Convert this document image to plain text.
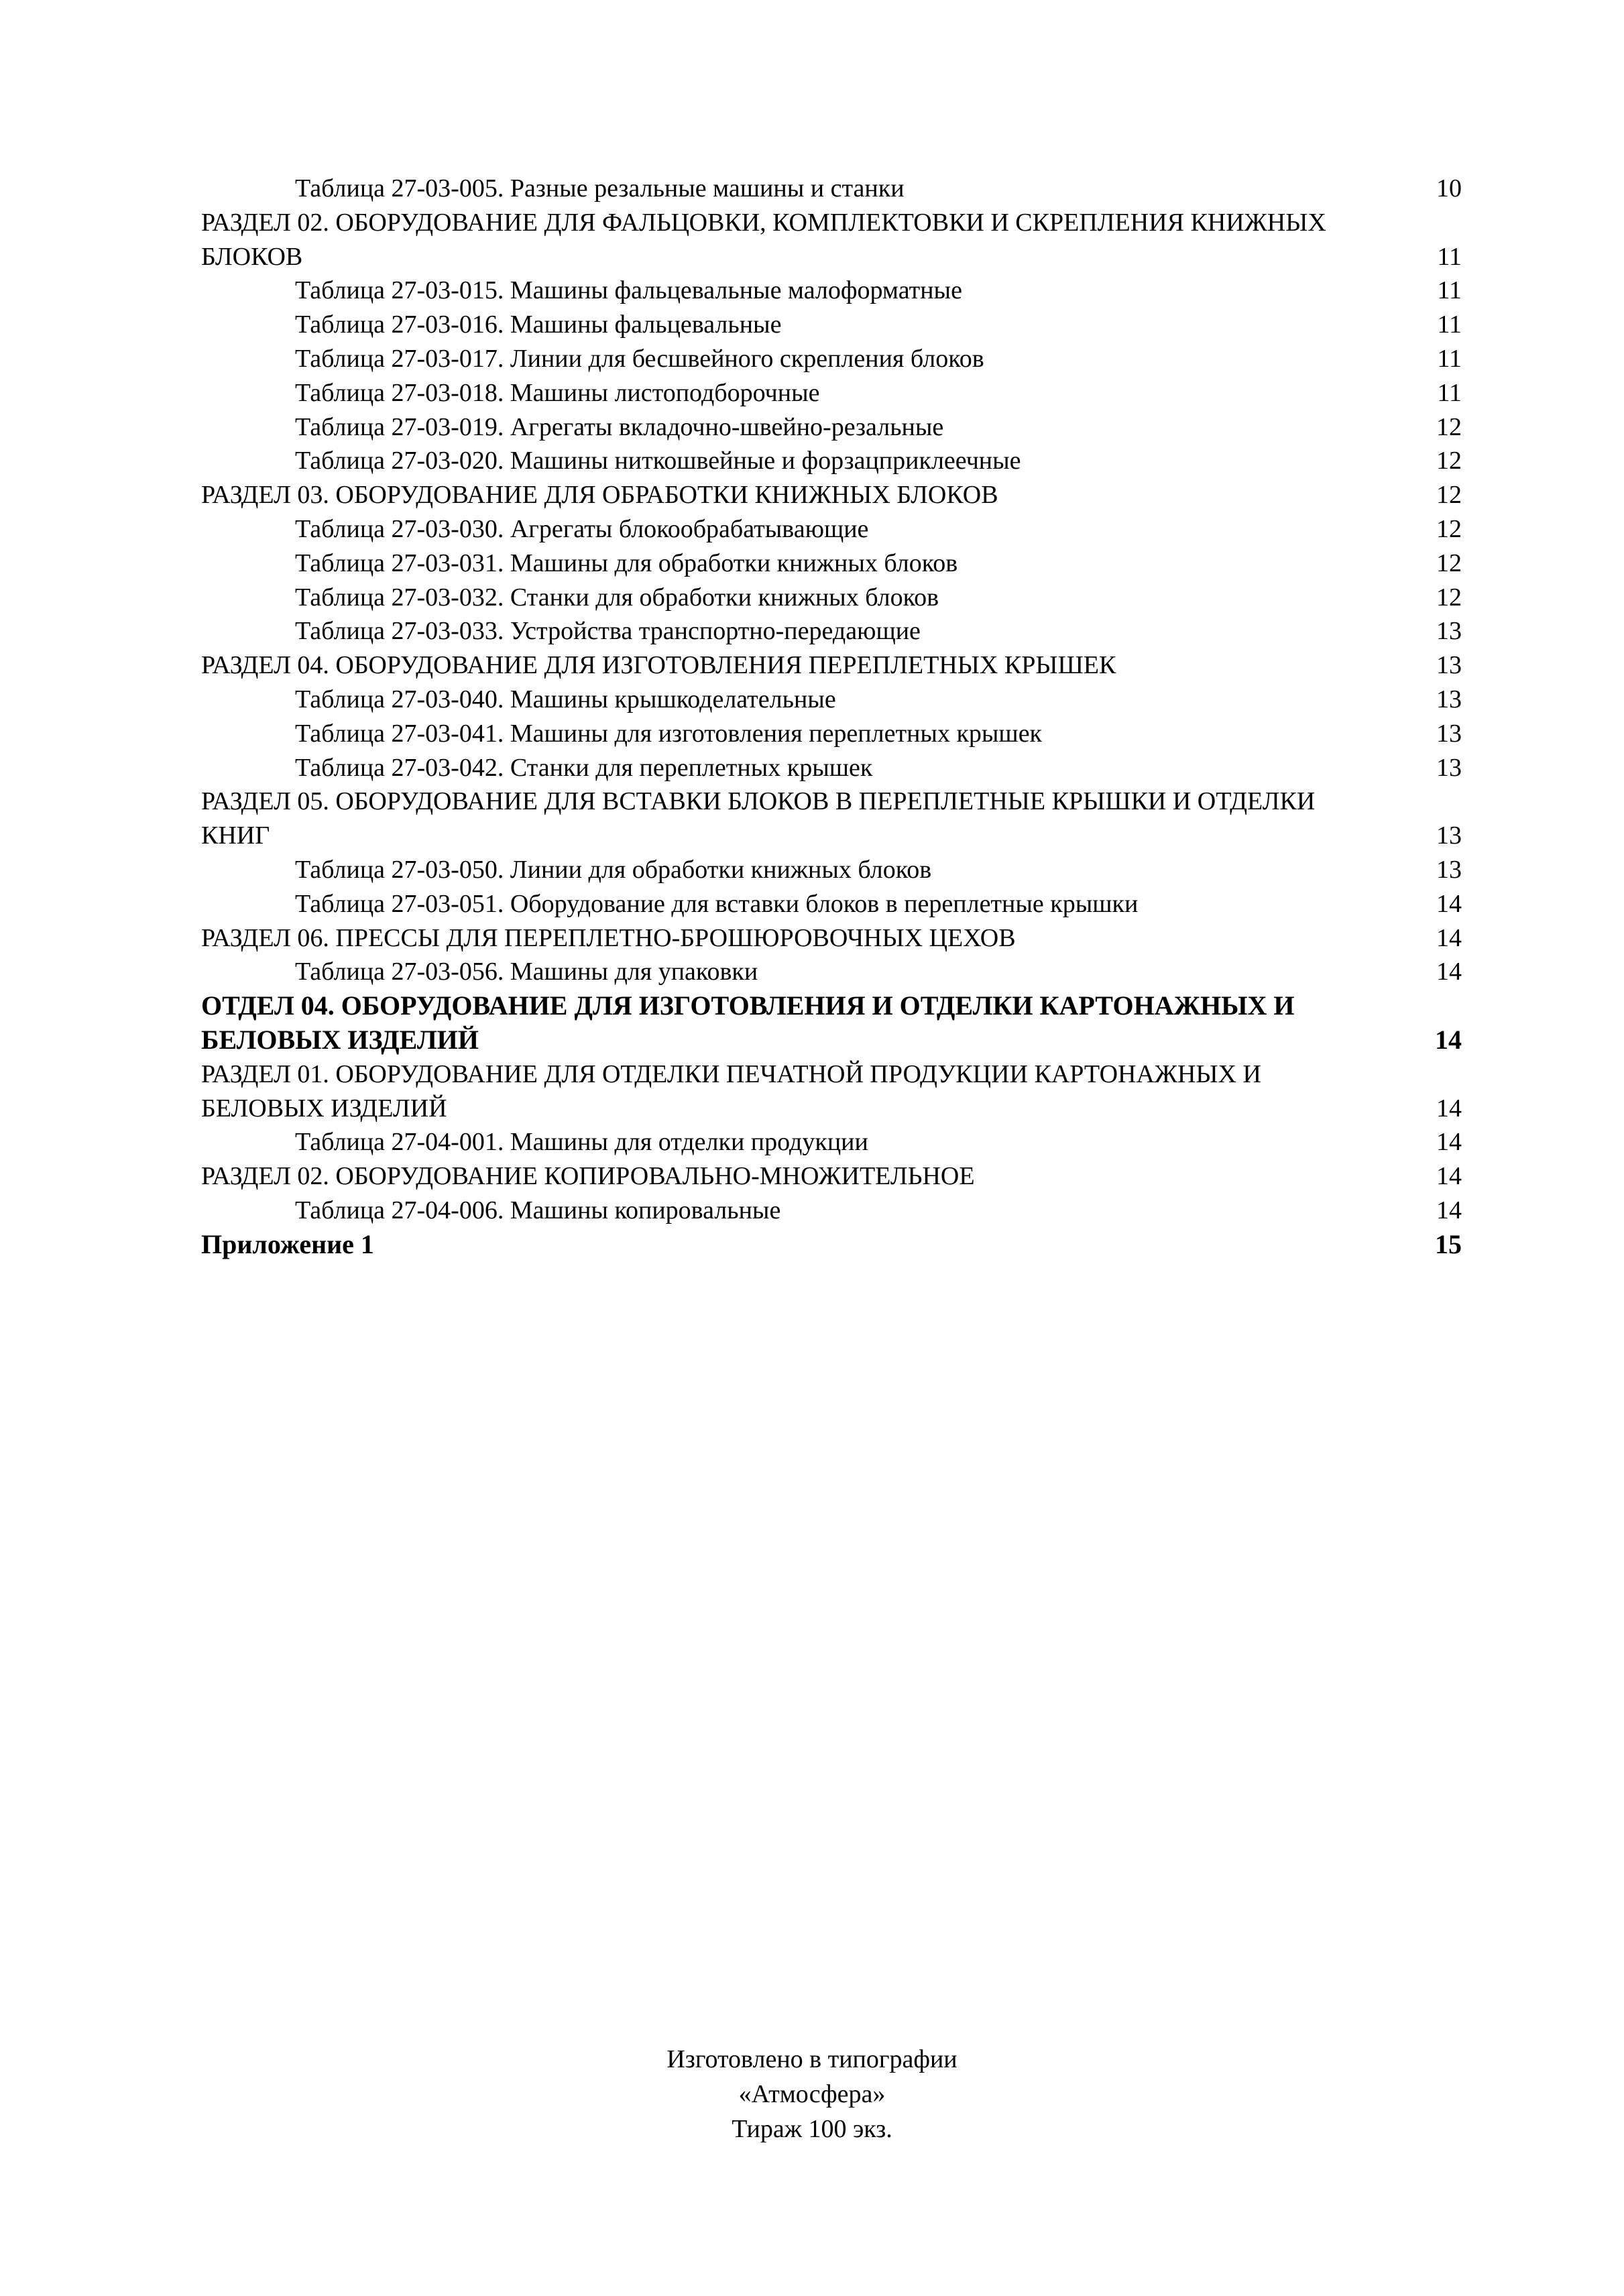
Таблица 27-03-005. Разные резальные машины и станки	10
РАЗДЕЛ 02. ОБОРУДОВАНИЕ ДЛЯ ФАЛЬЦОВКИ, КОМПЛЕКТОВКИ И СКРЕПЛЕНИЯ КНИЖНЫХ БЛОКОВ	11
Таблица 27-03-015. Машины фальцевальные малоформатные	11
Таблица 27-03-016. Машины фальцевальные	11
Таблица 27-03-017. Линии для бесшвейного скрепления блоков	11
Таблица 27-03-018. Машины листоподборочные	11
Таблица 27-03-019. Агрегаты вкладочно-швейно-резальные	12
Таблица 27-03-020. Машины ниткошвейные и форзацприклеечные	12
РАЗДЕЛ 03. ОБОРУДОВАНИЕ ДЛЯ ОБРАБОТКИ КНИЖНЫХ БЛОКОВ	12
Таблица 27-03-030. Агрегаты блокообрабатывающие	12
Таблица 27-03-031. Машины для обработки книжных блоков	12
Таблица 27-03-032. Станки для обработки книжных блоков	12
Таблица 27-03-033. Устройства транспортно-передающие	13
РАЗДЕЛ 04. ОБОРУДОВАНИЕ ДЛЯ ИЗГОТОВЛЕНИЯ ПЕРЕПЛЕТНЫХ КРЫШЕК	13
Таблица 27-03-040. Машины крышкоделательные	13
Таблица 27-03-041. Машины для изготовления переплетных крышек	13
Таблица 27-03-042. Станки для переплетных крышек	13
РАЗДЕЛ 05. ОБОРУДОВАНИЕ ДЛЯ ВСТАВКИ БЛОКОВ В ПЕРЕПЛЕТНЫЕ КРЫШКИ И ОТДЕЛКИ КНИГ	13
Таблица 27-03-050. Линии для обработки книжных блоков	13
Таблица 27-03-051. Оборудование для вставки блоков в переплетные крышки	14
РАЗДЕЛ 06. ПРЕССЫ ДЛЯ ПЕРЕПЛЕТНО-БРОШЮРОВОЧНЫХ ЦЕХОВ	14
Таблица 27-03-056. Машины для упаковки	14
ОТДЕЛ 04. ОБОРУДОВАНИЕ ДЛЯ ИЗГОТОВЛЕНИЯ И ОТДЕЛКИ КАРТОНАЖНЫХ И БЕЛОВЫХ ИЗДЕЛИЙ	14
РАЗДЕЛ 01. ОБОРУДОВАНИЕ ДЛЯ ОТДЕЛКИ ПЕЧАТНОЙ ПРОДУКЦИИ КАРТОНАЖНЫХ И БЕЛОВЫХ ИЗДЕЛИЙ	14
Таблица 27-04-001. Машины для отделки продукции	14
РАЗДЕЛ 02. ОБОРУДОВАНИЕ КОПИРОВАЛЬНО-МНОЖИТЕЛЬНОЕ	14
Таблица 27-04-006. Машины копировальные	14
Приложение 1	15
Изготовлено в типографии
«Атмосфера»
Тираж 100 экз.
